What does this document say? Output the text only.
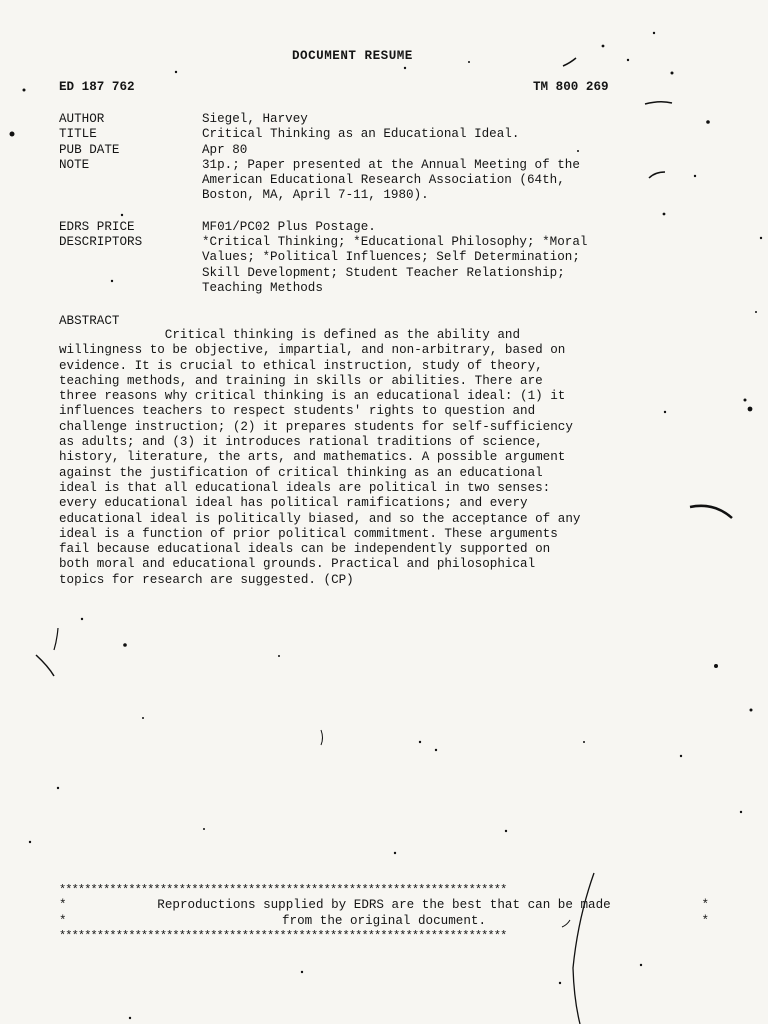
DOCUMENT RESUME
ED 187 762	TM 800 269
AUTHOR	Siegel, Harvey
TITLE	Critical Thinking as an Educational Ideal.
PUB DATE	Apr 80
NOTE	31p.; Paper presented at the Annual Meeting of the
American Educational Research Association (64th,
Boston, MA, April 7-11, 1980).
EDRS PRICE	MF01/PC02 Plus Postage.
DESCRIPTORS	*Critical Thinking; *Educational Philosophy; *Moral
Values; *Political Influences; Self Determination;
Skill Development; Student Teacher Relationship;
Teaching Methods
ABSTRACT
Critical thinking is defined as the ability and
willingness to be objective, impartial, and non-arbitrary, based on
evidence. It is crucial to ethical instruction, study of theory,
teaching methods, and training in skills or abilities. There are
three reasons why critical thinking is an educational ideal: (1) it
influences teachers to respect students' rights to question and
challenge instruction; (2) it prepares students for self-sufficiency
as adults; and (3) it introduces rational traditions of science,
history, literature, the arts, and mathematics. A possible argument
against the justification of critical thinking as an educational
ideal is that all educational ideals are political in two senses:
every educational ideal has political ramifications; and every
educational ideal is politically biased, and so the acceptance of any
ideal is a function of prior political commitment. These arguments
fail because educational ideals can be independently supported on
both moral and educational grounds. Practical and philosophical
topics for research are suggested. (CP)
***********************************************************************
*	Reproductions supplied by EDRS are the best that can be made	*
*	from the original document.	*
***********************************************************************
